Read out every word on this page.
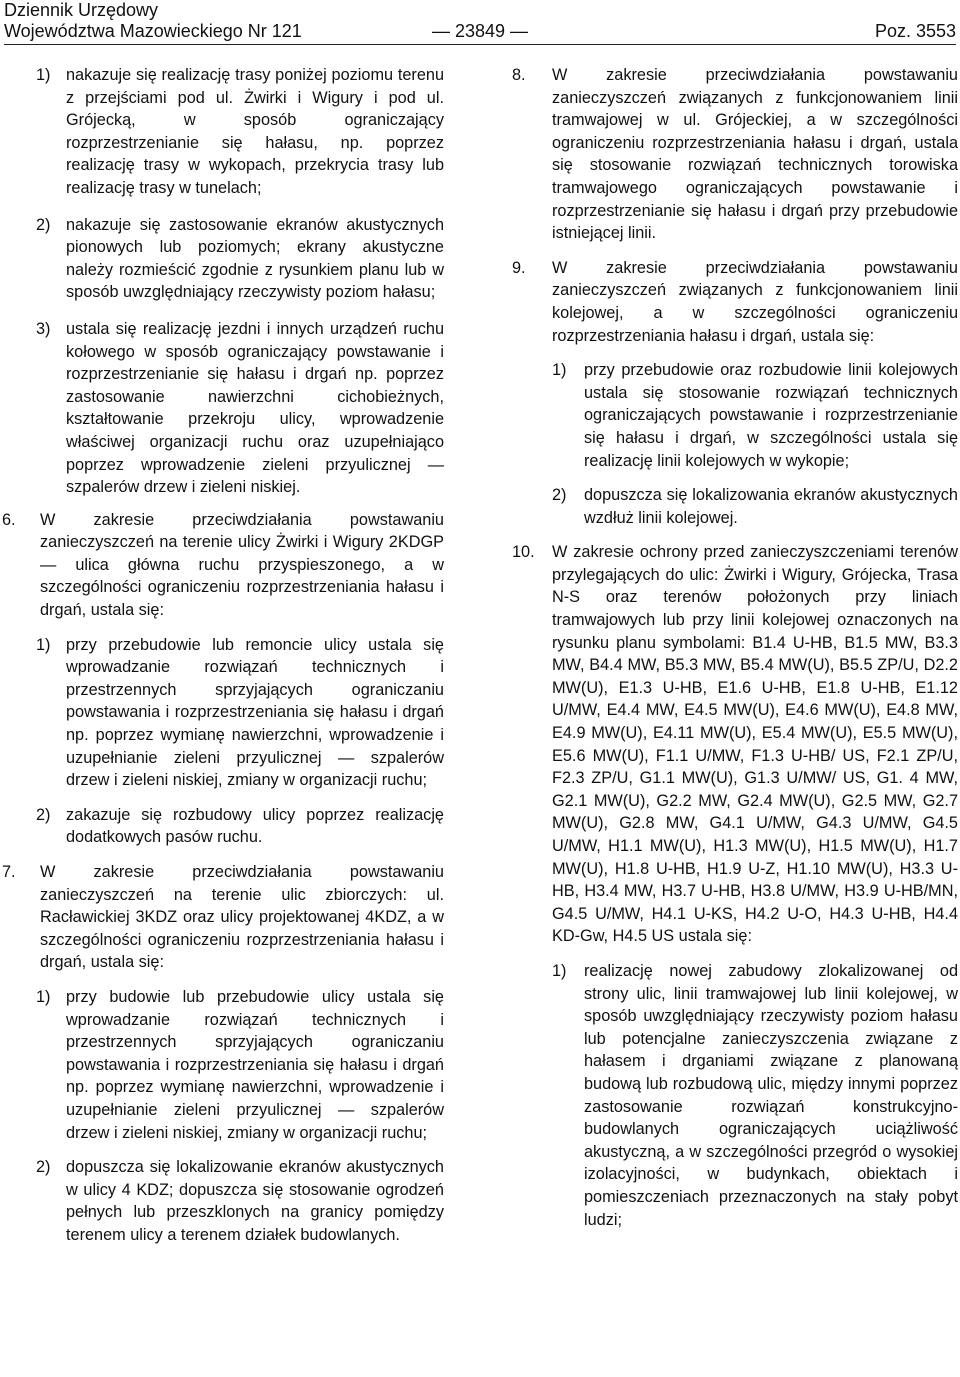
Dziennik Urzędowy
Województwa Mazowieckiego Nr 121	— 23849 —	Poz. 3553
1) nakazuje się realizację trasy poniżej poziomu terenu z przejściami pod ul. Żwirki i Wigury i pod ul. Grójecką, w sposób ograniczający rozprzestrzenianie się hałasu, np. poprzez realizację trasy w wykopach, przekrycia trasy lub realizację trasy w tunelach;
2) nakazuje się zastosowanie ekranów akustycznych pionowych lub poziomych; ekrany akustyczne należy rozmieścić zgodnie z rysunkiem planu lub w sposób uwzględniający rzeczywisty poziom hałasu;
3) ustala się realizację jezdni i innych urządzeń ruchu kołowego w sposób ograniczający powstawanie i rozprzestrzenianie się hałasu i drgań np. poprzez zastosowanie nawierzchni cichobieżnych, kształtowanie przekroju ulicy, wprowadzenie właściwej organizacji ruchu oraz uzupełniająco poprzez wprowadzenie zieleni przyulicznej — szpalerów drzew i zieleni niskiej.
6. W zakresie przeciwdziałania powstawaniu zanieczyszczeń na terenie ulicy Żwirki i Wigury 2KDGP — ulica główna ruchu przyspieszonego, a w szczególności ograniczeniu rozprzestrzeniania hałasu i drgań, ustala się:
1) przy przebudowie lub remoncie ulicy ustala się wprowadzanie rozwiązań technicznych i przestrzennych sprzyjających ograniczaniu powstawania i rozprzestrzeniania się hałasu i drgań np. poprzez wymianę nawierzchni, wprowadzenie i uzupełnianie zieleni przyulicznej — szpalerów drzew i zieleni niskiej, zmiany w organizacji ruchu;
2) zakazuje się rozbudowy ulicy poprzez realizację dodatkowych pasów ruchu.
7. W zakresie przeciwdziałania powstawaniu zanieczyszczeń na terenie ulic zbiorczych: ul. Racławickiej 3KDZ oraz ulicy projektowanej 4KDZ, a w szczególności ograniczeniu rozprzestrzeniania hałasu i drgań, ustala się:
1) przy budowie lub przebudowie ulicy ustala się wprowadzanie rozwiązań technicznych i przestrzennych sprzyjających ograniczaniu powstawania i rozprzestrzeniania się hałasu i drgań np. poprzez wymianę nawierzchni, wprowadzenie i uzupełnianie zieleni przyulicznej — szpalerów drzew i zieleni niskiej, zmiany w organizacji ruchu;
2) dopuszcza się lokalizowanie ekranów akustycznych w ulicy 4 KDZ; dopuszcza się stosowanie ogrodzeń pełnych lub przeszklonych na granicy pomiędzy terenem ulicy a terenem działek budowlanych.
8.	W zakresie przeciwdziałania powstawaniu zanieczyszczeń związanych z funkcjonowaniem linii tramwajowej w ul. Grójeckiej, a w szczególności ograniczeniu rozprzestrzeniania hałasu i drgań, ustala się stosowanie rozwiązań technicznych torowiska tramwajowego ograniczających powstawanie i rozprzestrzenianie się hałasu i drgań przy przebudowie istniejącej linii.
9.	W zakresie przeciwdziałania powstawaniu zanieczyszczeń związanych z funkcjonowaniem linii kolejowej, a w szczególności ograniczeniu rozprzestrzeniania hałasu i drgań, ustala się:
1) przy przebudowie oraz rozbudowie linii kolejowych ustala się stosowanie rozwiązań technicznych ograniczających powstawanie i rozprzestrzenianie się hałasu i drgań, w szczególności ustala się realizację linii kolejowych w wykopie;
2) dopuszcza się lokalizowania ekranów akustycznych wzdłuż linii kolejowej.
10.	W zakresie ochrony przed zanieczyszczeniami terenów przylegających do ulic: Żwirki i Wigury, Grójecka, Trasa N-S oraz terenów położonych przy liniach tramwajowych lub przy linii kolejowej oznaczonych na rysunku planu symbolami: B1.4 U-HB, B1.5 MW, B3.3 MW, B4.4 MW, B5.3 MW, B5.4 MW(U), B5.5 ZP/U, D2.2 MW(U), E1.3 U-HB, E1.6 U-HB, E1.8 U-HB, E1.12 U/MW, E4.4 MW, E4.5 MW(U), E4.6 MW(U), E4.8 MW, E4.9 MW(U), E4.11 MW(U), E5.4 MW(U), E5.5 MW(U), E5.6 MW(U), F1.1 U/MW, F1.3 U-HB/ US, F2.1 ZP/U, F2.3 ZP/U, G1.1 MW(U), G1.3 U/MW/ US, G1. 4 MW, G2.1 MW(U), G2.2 MW, G2.4 MW(U), G2.5 MW, G2.7 MW(U), G2.8 MW, G4.1 U/MW, G4.3 U/MW, G4.5 U/MW, H1.1 MW(U), H1.3 MW(U), H1.5 MW(U), H1.7 MW(U), H1.8 U-HB, H1.9 U-Z, H1.10 MW(U), H3.3 U-HB, H3.4 MW, H3.7 U-HB, H3.8 U/MW, H3.9 U-HB/MN, G4.5 U/MW, H4.1 U-KS, H4.2 U-O, H4.3 U-HB, H4.4 KD-Gw, H4.5 US ustala się:
1) realizację nowej zabudowy zlokalizowanej od strony ulic, linii tramwajowej lub linii kolejowej, w sposób uwzględniający rzeczywisty poziom hałasu lub potencjalne zanieczyszczenia związane z hałasem i drganiami związane z planowaną budową lub rozbudową ulic, między innymi poprzez zastosowanie rozwiązań konstrukcyjno-budowlanych ograniczających uciążliwość akustyczną, a w szczególności przegród o wysokiej izolacyjności, w budynkach, obiektach i pomieszczeniach przeznaczonych na stały pobyt ludzi;
